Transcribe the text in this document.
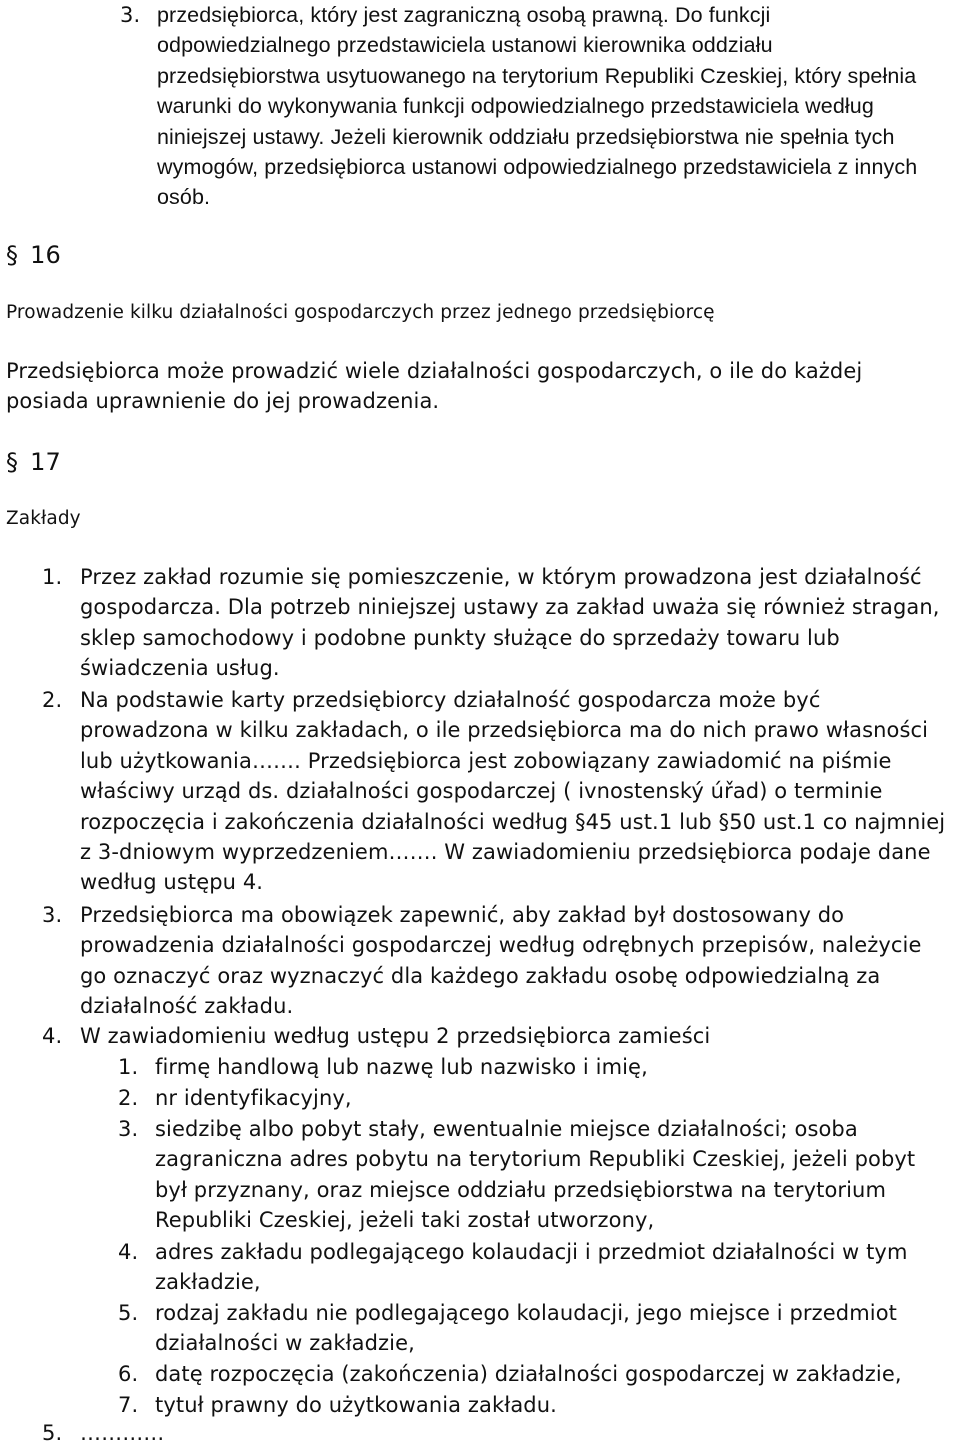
3. przedsiębiorca, który jest zagraniczną osobą prawną. Do funkcji odpowiedzialnego przedstawiciela ustanowi kierownika oddziału przedsiębiorstwa usytuowanego na terytorium Republiki Czeskiej, który spełnia warunki do wykonywania funkcji odpowiedzialnego przedstawiciela według niniejszej ustawy. Jeżeli kierownik oddziału przedsiębiorstwa nie spełnia tych wymogów, przedsiębiorca ustanowi odpowiedzialnego przedstawiciela z innych osób.
§ 16
Prowadzenie kilku działalności gospodarczych przez jednego przedsiębiorcę
Przedsiębiorca może prowadzić wiele działalności gospodarczych, o ile do każdej posiada uprawnienie do jej prowadzenia.
§ 17
Zakłady
1. Przez zakład rozumie się pomieszczenie, w którym prowadzona jest działalność gospodarcza. Dla potrzeb niniejszej ustawy za zakład uważa się również stragan, sklep samochodowy i podobne punkty służące do sprzedaży towaru lub świadczenia usług.
2. Na podstawie karty przedsiębiorcy działalność gospodarcza może być prowadzona w kilku zakładach, o ile przedsiębiorca ma do nich prawo własności lub użytkowania……. Przedsiębiorca jest zobowiązany zawiadomić na piśmie właściwy urząd ds. działalności gospodarczej ( ivnostenský úřad) o terminie rozpoczęcia i zakończenia działalności według §45 ust.1 lub §50 ust.1 co najmniej z 3-dniowym wyprzedzeniem……. W zawiadomieniu przedsiębiorca podaje dane według ustępu 4.
3. Przedsiębiorca ma obowiązek zapewnić, aby zakład był dostosowany do prowadzenia działalności gospodarczej według odrębnych przepisów, należycie go oznaczyć oraz wyznaczyć dla każdego zakładu osobę odpowiedzialną za działalność zakładu.
4. W zawiadomieniu według ustępu 2 przedsiębiorca zamieści
1. firmę handlową lub nazwę lub nazwisko i imię,
2. nr identyfikacyjny,
3. siedzibę albo pobyt stały, ewentualnie miejsce działalności; osoba zagraniczna adres pobytu na terytorium Republiki Czeskiej, jeżeli pobyt był przyznany, oraz miejsce oddziału przedsiębiorstwa na terytorium Republiki Czeskiej, jeżeli taki został utworzony,
4. adres zakładu podlegającego kolaudacji i przedmiot działalności w tym zakładzie,
5. rodzaj zakładu nie podlegającego kolaudacji, jego miejsce i przedmiot działalności w zakładzie,
6. datę rozpoczęcia (zakończenia) działalności gospodarczej w zakładzie,
7. tytuł prawny do użytkowania zakładu.
5. …………
